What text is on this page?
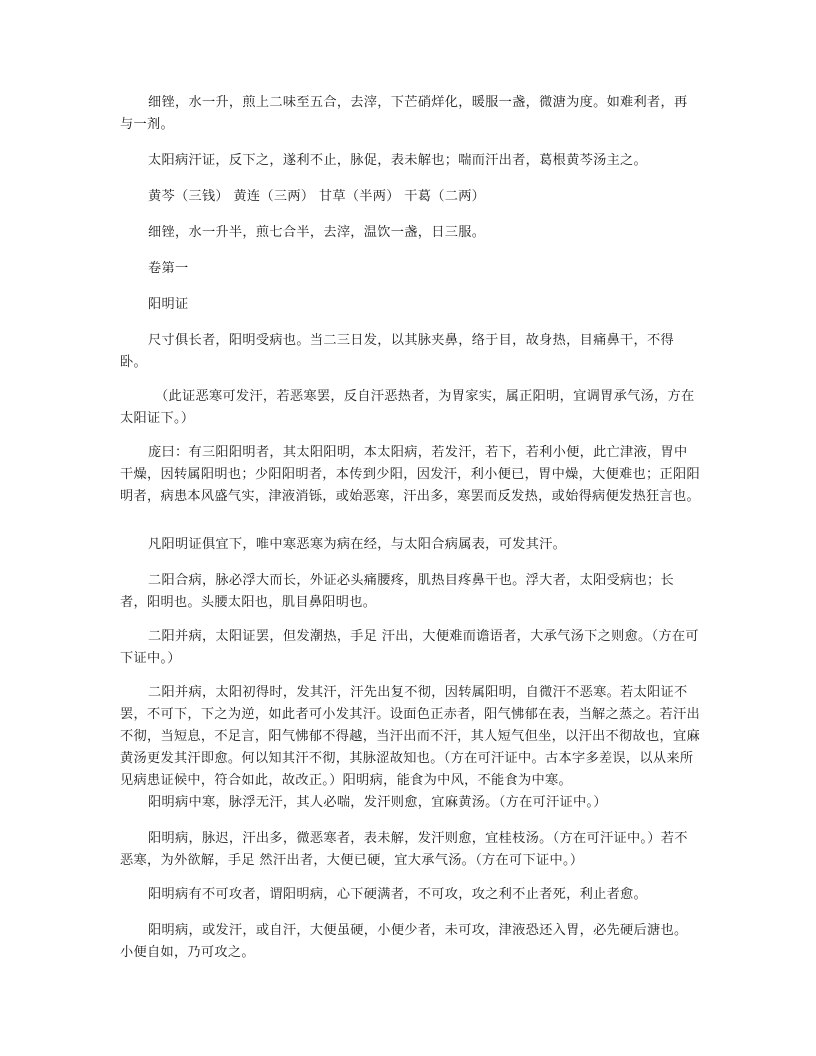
细锉，水一升，煎上二味至五合，去滓，下芒硝烊化，暖服一盏，微溏为度。如难利者，再与一剂。

太阳病汗证，反下之，遂利不止，脉促，表未解也；喘而汗出者，葛根黄芩汤主之。

黄芩（三钱） 黄连（三两） 甘草（半两） 干葛（二两）

细锉，水一升半，煎七合半，去滓，温饮一盏，日三服。

卷第一

阳明证

尺寸俱长者，阳明受病也。当二三日发，以其脉夹鼻，络于目，故身热，目痛鼻干，不得卧。

（此证恶寒可发汗，若恶寒罢，反自汗恶热者，为胃家实，属正阳明，宜调胃承气汤，方在太阳证下。）

庞曰：有三阳阳明者，其太阳阳明，本太阳病，若发汗，若下，若利小便，此亡津液，胃中干燥，因转属阳明也；少阳阳明者，本传到少阳，因发汗，利小便已，胃中燥，大便难也；正阳阳明者，病患本风盛气实，津液消铄，或始恶寒，汗出多，寒罢而反发热，或始得病便发热狂言也。

凡阳明证俱宜下，唯中寒恶寒为病在经，与太阳合病属表，可发其汗。

二阳合病，脉必浮大而长，外证必头痛腰疼，肌热目疼鼻干也。浮大者，太阳受病也；长者，阳明也。头腰太阳也，肌目鼻阳明也。

二阳并病，太阳证罢，但发潮热，手足 汗出，大便难而谵语者，大承气汤下之则愈。（方在可下证中。）

二阳并病，太阳初得时，发其汗，汗先出复不彻，因转属阳明，自微汗不恶寒。若太阳证不罢，不可下，下之为逆，如此者可小发其汗。设面色正赤者，阳气怫郁在表，当解之蒸之。若汗出不彻，当短息，不足言，阳气怫郁不得越，当汗出而不汗，其人短气但坐，以汗出不彻故也，宜麻黄汤更发其汗即愈。何以知其汗不彻，其脉涩故知也。（方在可汗证中。古本字多差误，以从来所见病患证候中，符合如此，故改正。）阳明病，能食为中风，不能食为中寒。

阳明病中寒，脉浮无汗，其人必喘，发汗则愈，宜麻黄汤。（方在可汗证中。）

阳明病，脉迟，汗出多，微恶寒者，表未解，发汗则愈，宜桂枝汤。（方在可汗证中。）若不恶寒，为外欲解，手足 然汗出者，大便已硬，宜大承气汤。（方在可下证中。）

阳明病有不可攻者，谓阳明病，心下硬满者，不可攻，攻之利不止者死，利止者愈。

阳明病，或发汗，或自汗，大便虽硬，小便少者，未可攻，津液恐还入胃，必先硬后溏也。小便自如，乃可攻之。
